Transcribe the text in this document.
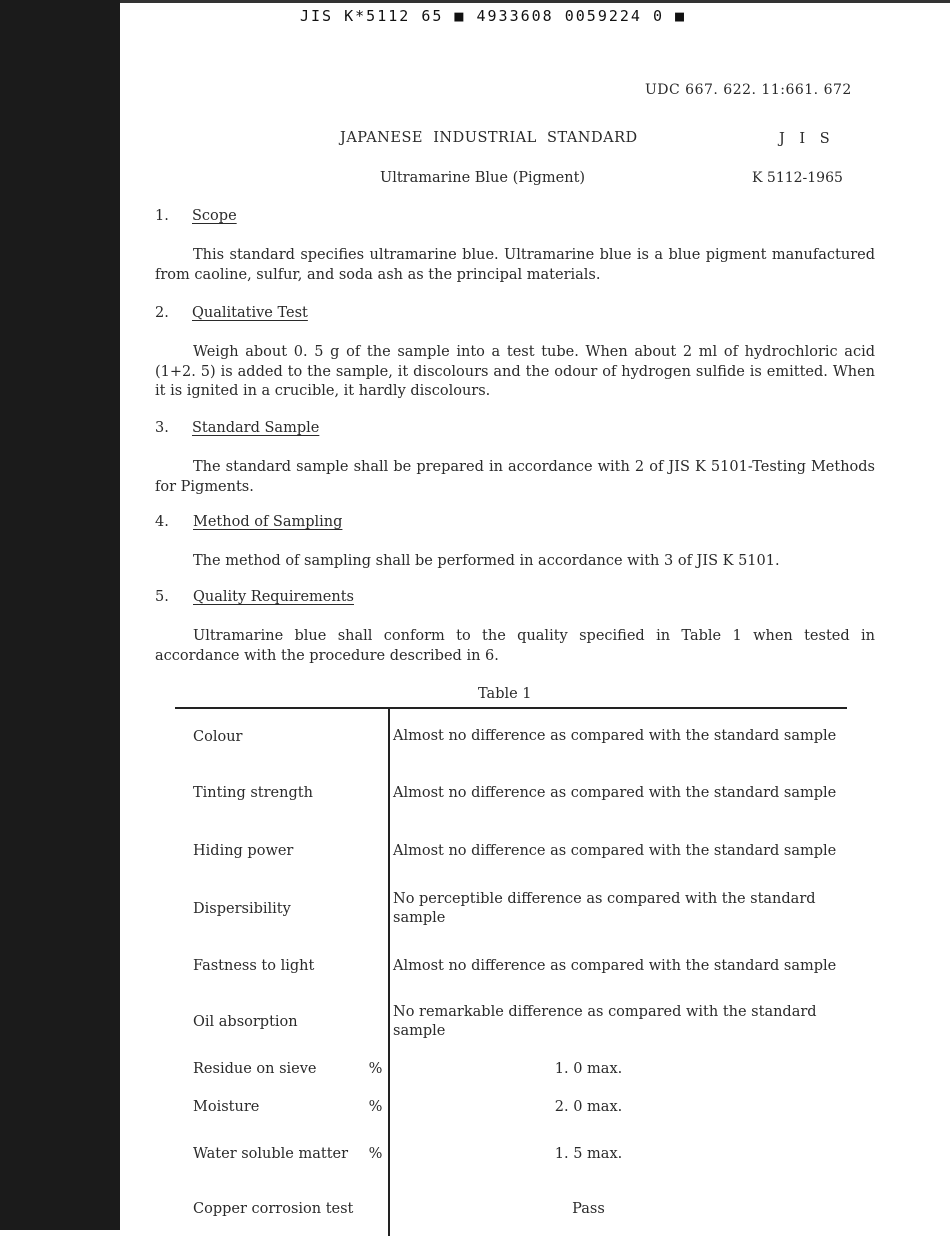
JIS K*5112 65 ■ 4933608 0059224 0 ■
UDC 667. 622. 11:661. 672
JAPANESE  INDUSTRIAL  STANDARD	J I S
Ultramarine Blue (Pigment)	K 5112-1965
1. Scope

This standard specifies ultramarine blue. Ultramarine blue is a blue pigment manufactured from caoline, sulfur, and soda ash as the principal materials.

2. Qualitative Test

Weigh about 0. 5 g of the sample into a test tube. When about 2 ml of hydrochloric acid (1+2. 5) is added to the sample, it discolours and the odour of hydrogen sulfide is emitted. When it is ignited in a crucible, it hardly discolours.

3. Standard Sample

The standard sample shall be prepared in accordance with 2 of JIS K 5101-Testing Methods for Pigments.

4. Method of Sampling

The method of sampling shall be performed in accordance with 3 of JIS K 5101.

5. Quality Requirements

Ultramarine blue shall conform to the quality specified in Table 1 when tested in accordance with the procedure described in 6.

Table 1
Colour		Almost no difference as compared with the standard sample
Tinting strength		Almost no difference as compared with the standard sample
Hiding power		Almost no difference as compared with the standard sample
Dispersibility		No perceptible difference as compared with the standard sample
Fastness to light		Almost no difference as compared with the standard sample
Oil absorption		No remarkable difference as compared with the standard sample
Residue on sieve	%	1. 0 max.
Moisture	%	2. 0 max.
Water soluble matter	%	1. 5 max.
Copper corrosion test		Pass
